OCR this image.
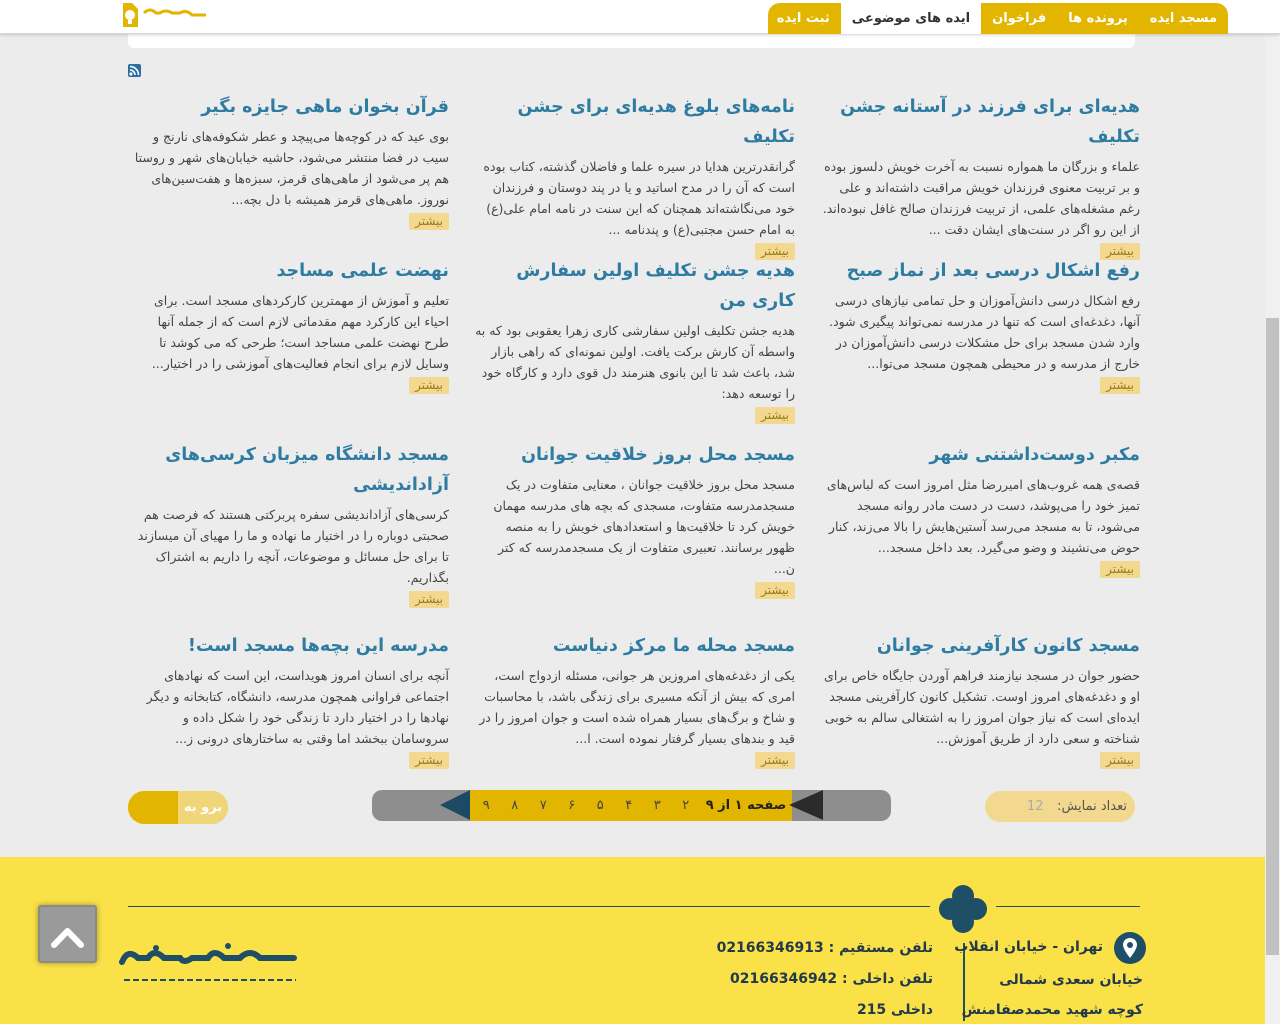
مسجد ایده
پرونده ها
فراخوان
ایده های موضوعی
ثبت ایده
هدیه‌ای برای فرزند در آستانه جشن تکلیف
علماء و بزرگان ما همواره نسبت به آخرت خویش دلسوز بوده و بر تربیت معنوی فرزندان خویش مراقبت داشته‌اند و علی رغم مشغله‌های علمی، از تربیت فرزندان صالح غافل نبوده‌اند. از این رو اگر در سنت‌های ایشان دقت ...
بیشتر
نامه‌های بلوغ هدیه‌ای برای جشن تکلیف
گرانقدرترین هدایا در سیره علما و فاضلان گذشته، کتاب بوده است که آن را در مدح اساتید و یا در پند دوستان و فرزندان خود می‌نگاشته‌اند همچنان که این سنت در نامه امام علی(ع) به امام حسن مجتبی(ع) و پندنامه ...
بیشتر
قرآن بخوان ماهی جایزه بگیر
بوی عید که در کوچه‌ها می‌پیچد و عطر شکوفه‌های نارنج و سیب در فضا منتشر می‌شود، حاشیه خیابان‌های شهر و روستا هم پر می‌شود از ماهی‌های قرمز، سبزه‌ها و هفت‌سین‌های نوروز. ماهی‌های قرمز همیشه با دل بچه...
بیشتر
رفع اشکال درسی بعد از نماز صبح
رفع اشکال درسی دانش‌آموزان و حل تمامی نیازهای درسی آنها، دغدغه‌ای است که تنها در مدرسه نمی‌تواند پیگیری شود. وارد شدن مسجد برای حل مشکلات درسی دانش‌آموزان در خارج از مدرسه و در محیطی همچون مسجد می‌توا...
بیشتر
هدیه جشن تکلیف اولین سفارش کاری من
هدیه جشن تکلیف اولین سفارشی کاری زهرا یعقوبی بود که به واسطه آن کارش برکت یافت. اولین نمونه‌ای که راهی بازار شد، باعث شد تا این بانوی هنرمند دل قوی دارد و کارگاه خود را توسعه دهد:
بیشتر
نهضت علمی مساجد
تعلیم و آموزش از مهمترین کارکردهای مسجد است. برای احیاء این کارکرد مهم مقدماتی لازم است که از جمله آنها طرح نهضت علمی مساجد است؛ طرحی که می کوشد تا وسایل لازم برای انجام فعالیت‌های آموزشی را در اختیار...
بیشتر
مکبر دوست‌داشتنی شهر
قصه‌ی همه غروب‌های امیررضا مثل امروز است که لباس‌های تمیز خود را می‌پوشد، دست در دست مادر روانه مسجد می‌شود، تا به مسجد می‌رسد آستین‌هایش را بالا می‌زند، کنار حوض می‌نشیند و وضو می‌گیرد. بعد داخل مسجد...
بیشتر
مسجد محل بروز خلاقیت جوانان
مسجد محل بروز خلاقیت جوانان ، معنایی متفاوت در یک مسجدمدرسه متفاوت، مسجدی که بچه های مدرسه مهمان خویش کرد تا خلاقیت‌ها و استعدادهای خویش را به منصه ظهور برسانند. تعبیری متفاوت از یک مسجدمدرسه که کتر ن...
بیشتر
مسجد دانشگاه میزبان کرسی‌های آزاداندیشی
کرسی‌های آزاداندیشی سفره پربرکتی هستند که فرصت هم صحبتی دوباره را در اختیار ما نهاده و ما را مهیای آن میسازند تا برای حل مسائل و موضوعات، آنچه را داریم به اشتراک بگذاریم.
بیشتر
مسجد کانون کارآفرینی جوانان
حضور جوان در مسجد نیازمند فراهم آوردن جایگاه خاص برای او و دغدغه‌های امروز اوست. تشکیل کانون کارآفرینی مسجد ایده‌ای است که نیاز جوان امروز را به اشتغالی سالم به خوبی شناخته و سعی دارد از طریق آموزش...
بیشتر
مسجد محله ما مرکز دنیاست
یکی از دغدغه‌های امروزین هر جوانی، مسئله ازدواج است، امری که بیش از آنکه مسیری برای زندگی باشد، با محاسبات و شاخ و برگ‌های بسیار همراه شده است و جوان امروز را در قید و بندهای بسیار گرفتار نموده است. ا...
بیشتر
مدرسه این بچه‌ها مسجد است!
آنچه برای انسان امروز هویداست، این است که نهادهای اجتماعی فراوانی همچون مدرسه، دانشگاه، کتابخانه و دیگر نهادها را در اختیار دارد تا زندگی خود را شکل داده و سروسامان ببخشد اما وقتی به ساختارهای درونی ز...
بیشتر
۹	۸	۷	۶	۵	۴	۳	۲	صفحه ۱ از ۹
برو به	تعداد نمایش:
12
تهران - خیابان انقلاب
خیابان سعدی شمالی
کوچه شهید محمدصفامنش
تلفن مستقیم : 02166346913
تلفن داخلی : 02166346942
داخلی 215
